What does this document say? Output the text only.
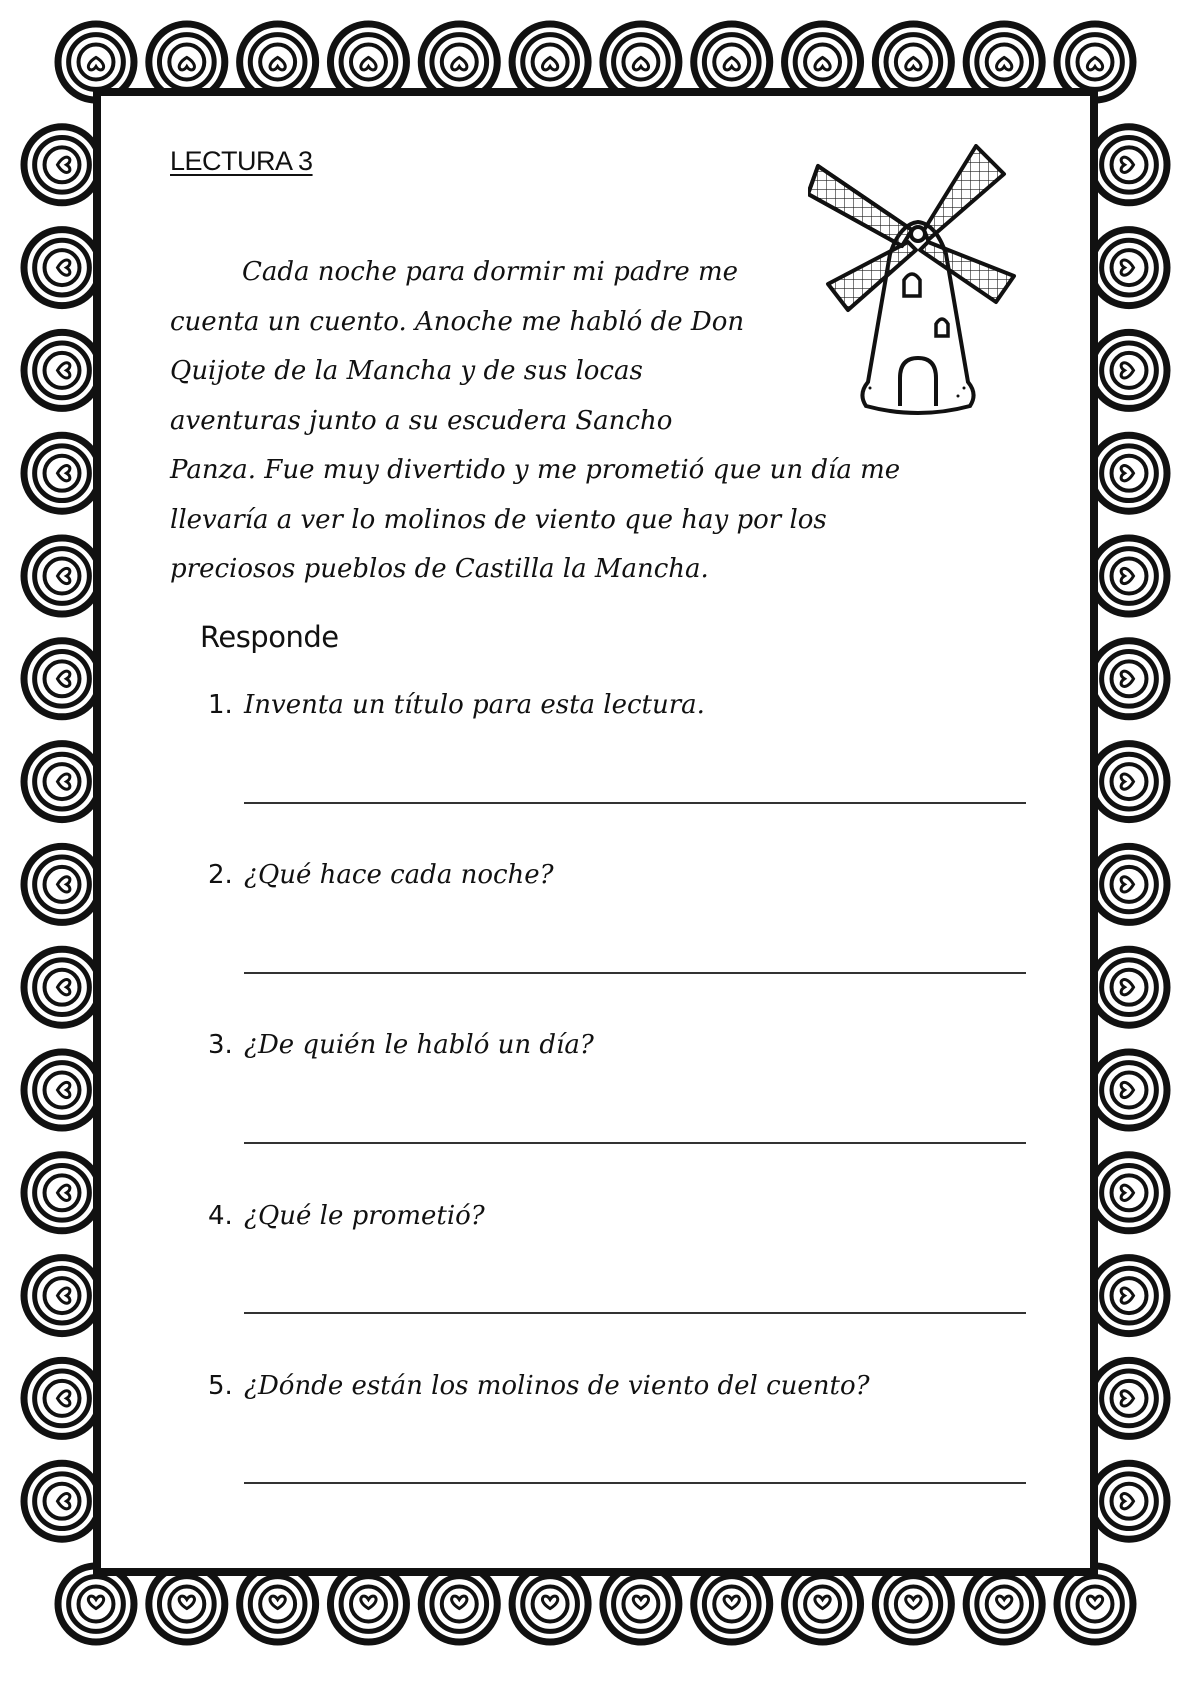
LECTURA 3
Cada noche para dormir mi padre me
cuenta un cuento. Anoche me habló de Don
Quijote de la Mancha y de sus locas
aventuras junto a su escudera Sancho
Panza. Fue muy divertido y me prometió que un día me
llevaría a ver lo molinos de viento que hay por los
preciosos pueblos de Castilla la Mancha.
Responde
1. Inventa un título para esta lectura.
2. ¿Qué hace cada noche?
3. ¿De quién le habló un día?
4. ¿Qué le prometió?
5. ¿Dónde están los molinos de viento del cuento?
